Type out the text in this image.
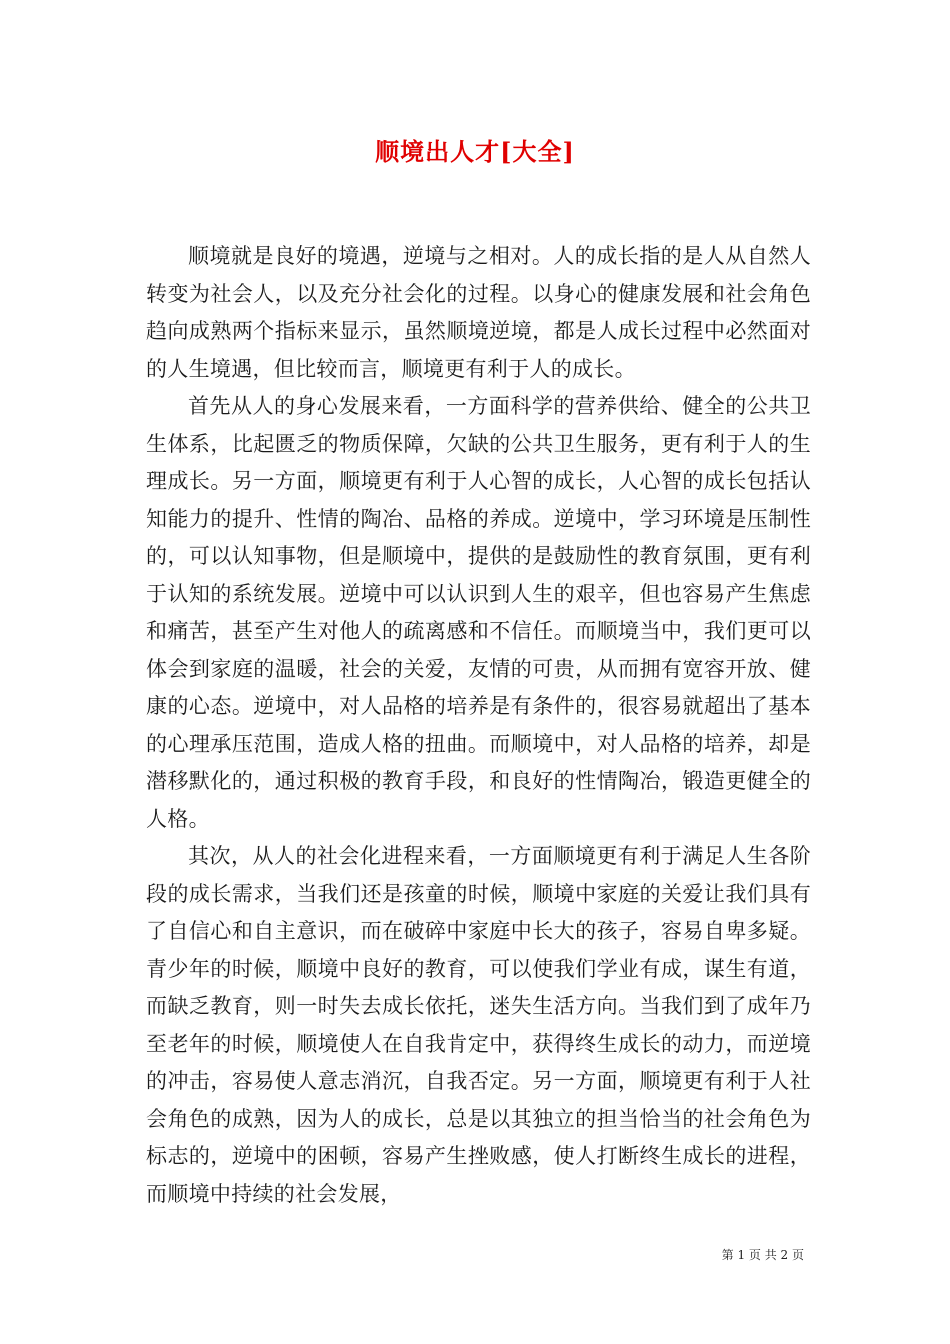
顺境出人才[大全]

顺境就是良好的境遇，逆境与之相对。人的成长指的是人从自然人转变为社会人，以及充分社会化的过程。以身心的健康发展和社会角色趋向成熟两个指标来显示，虽然顺境逆境，都是人成长过程中必然面对的人生境遇，但比较而言，顺境更有利于人的成长。

首先从人的身心发展来看，一方面科学的营养供给、健全的公共卫生体系，比起匮乏的物质保障，欠缺的公共卫生服务，更有利于人的生理成长。另一方面，顺境更有利于人心智的成长，人心智的成长包括认知能力的提升、性情的陶冶、品格的养成。逆境中，学习环境是压制性的，可以认知事物，但是顺境中，提供的是鼓励性的教育氛围，更有利于认知的系统发展。逆境中可以认识到人生的艰辛，但也容易产生焦虑和痛苦，甚至产生对他人的疏离感和不信任。而顺境当中，我们更可以体会到家庭的温暖，社会的关爱，友情的可贵，从而拥有宽容开放、健康的心态。逆境中，对人品格的培养是有条件的，很容易就超出了基本的心理承压范围，造成人格的扭曲。而顺境中，对人品格的培养，却是潜移默化的，通过积极的教育手段，和良好的性情陶冶，锻造更健全的人格。

其次，从人的社会化进程来看，一方面顺境更有利于满足人生各阶段的成长需求，当我们还是孩童的时候，顺境中家庭的关爱让我们具有了自信心和自主意识，而在破碎中家庭中长大的孩子，容易自卑多疑。青少年的时候，顺境中良好的教育，可以使我们学业有成，谋生有道，而缺乏教育，则一时失去成长依托，迷失生活方向。当我们到了成年乃至老年的时候，顺境使人在自我肯定中，获得终生成长的动力，而逆境的冲击，容易使人意志消沉，自我否定。另一方面，顺境更有利于人社会角色的成熟，因为人的成长，总是以其独立的担当恰当的社会角色为标志的，逆境中的困顿，容易产生挫败感，使人打断终生成长的进程，而顺境中持续的社会发展，

第 1 页 共 2 页
